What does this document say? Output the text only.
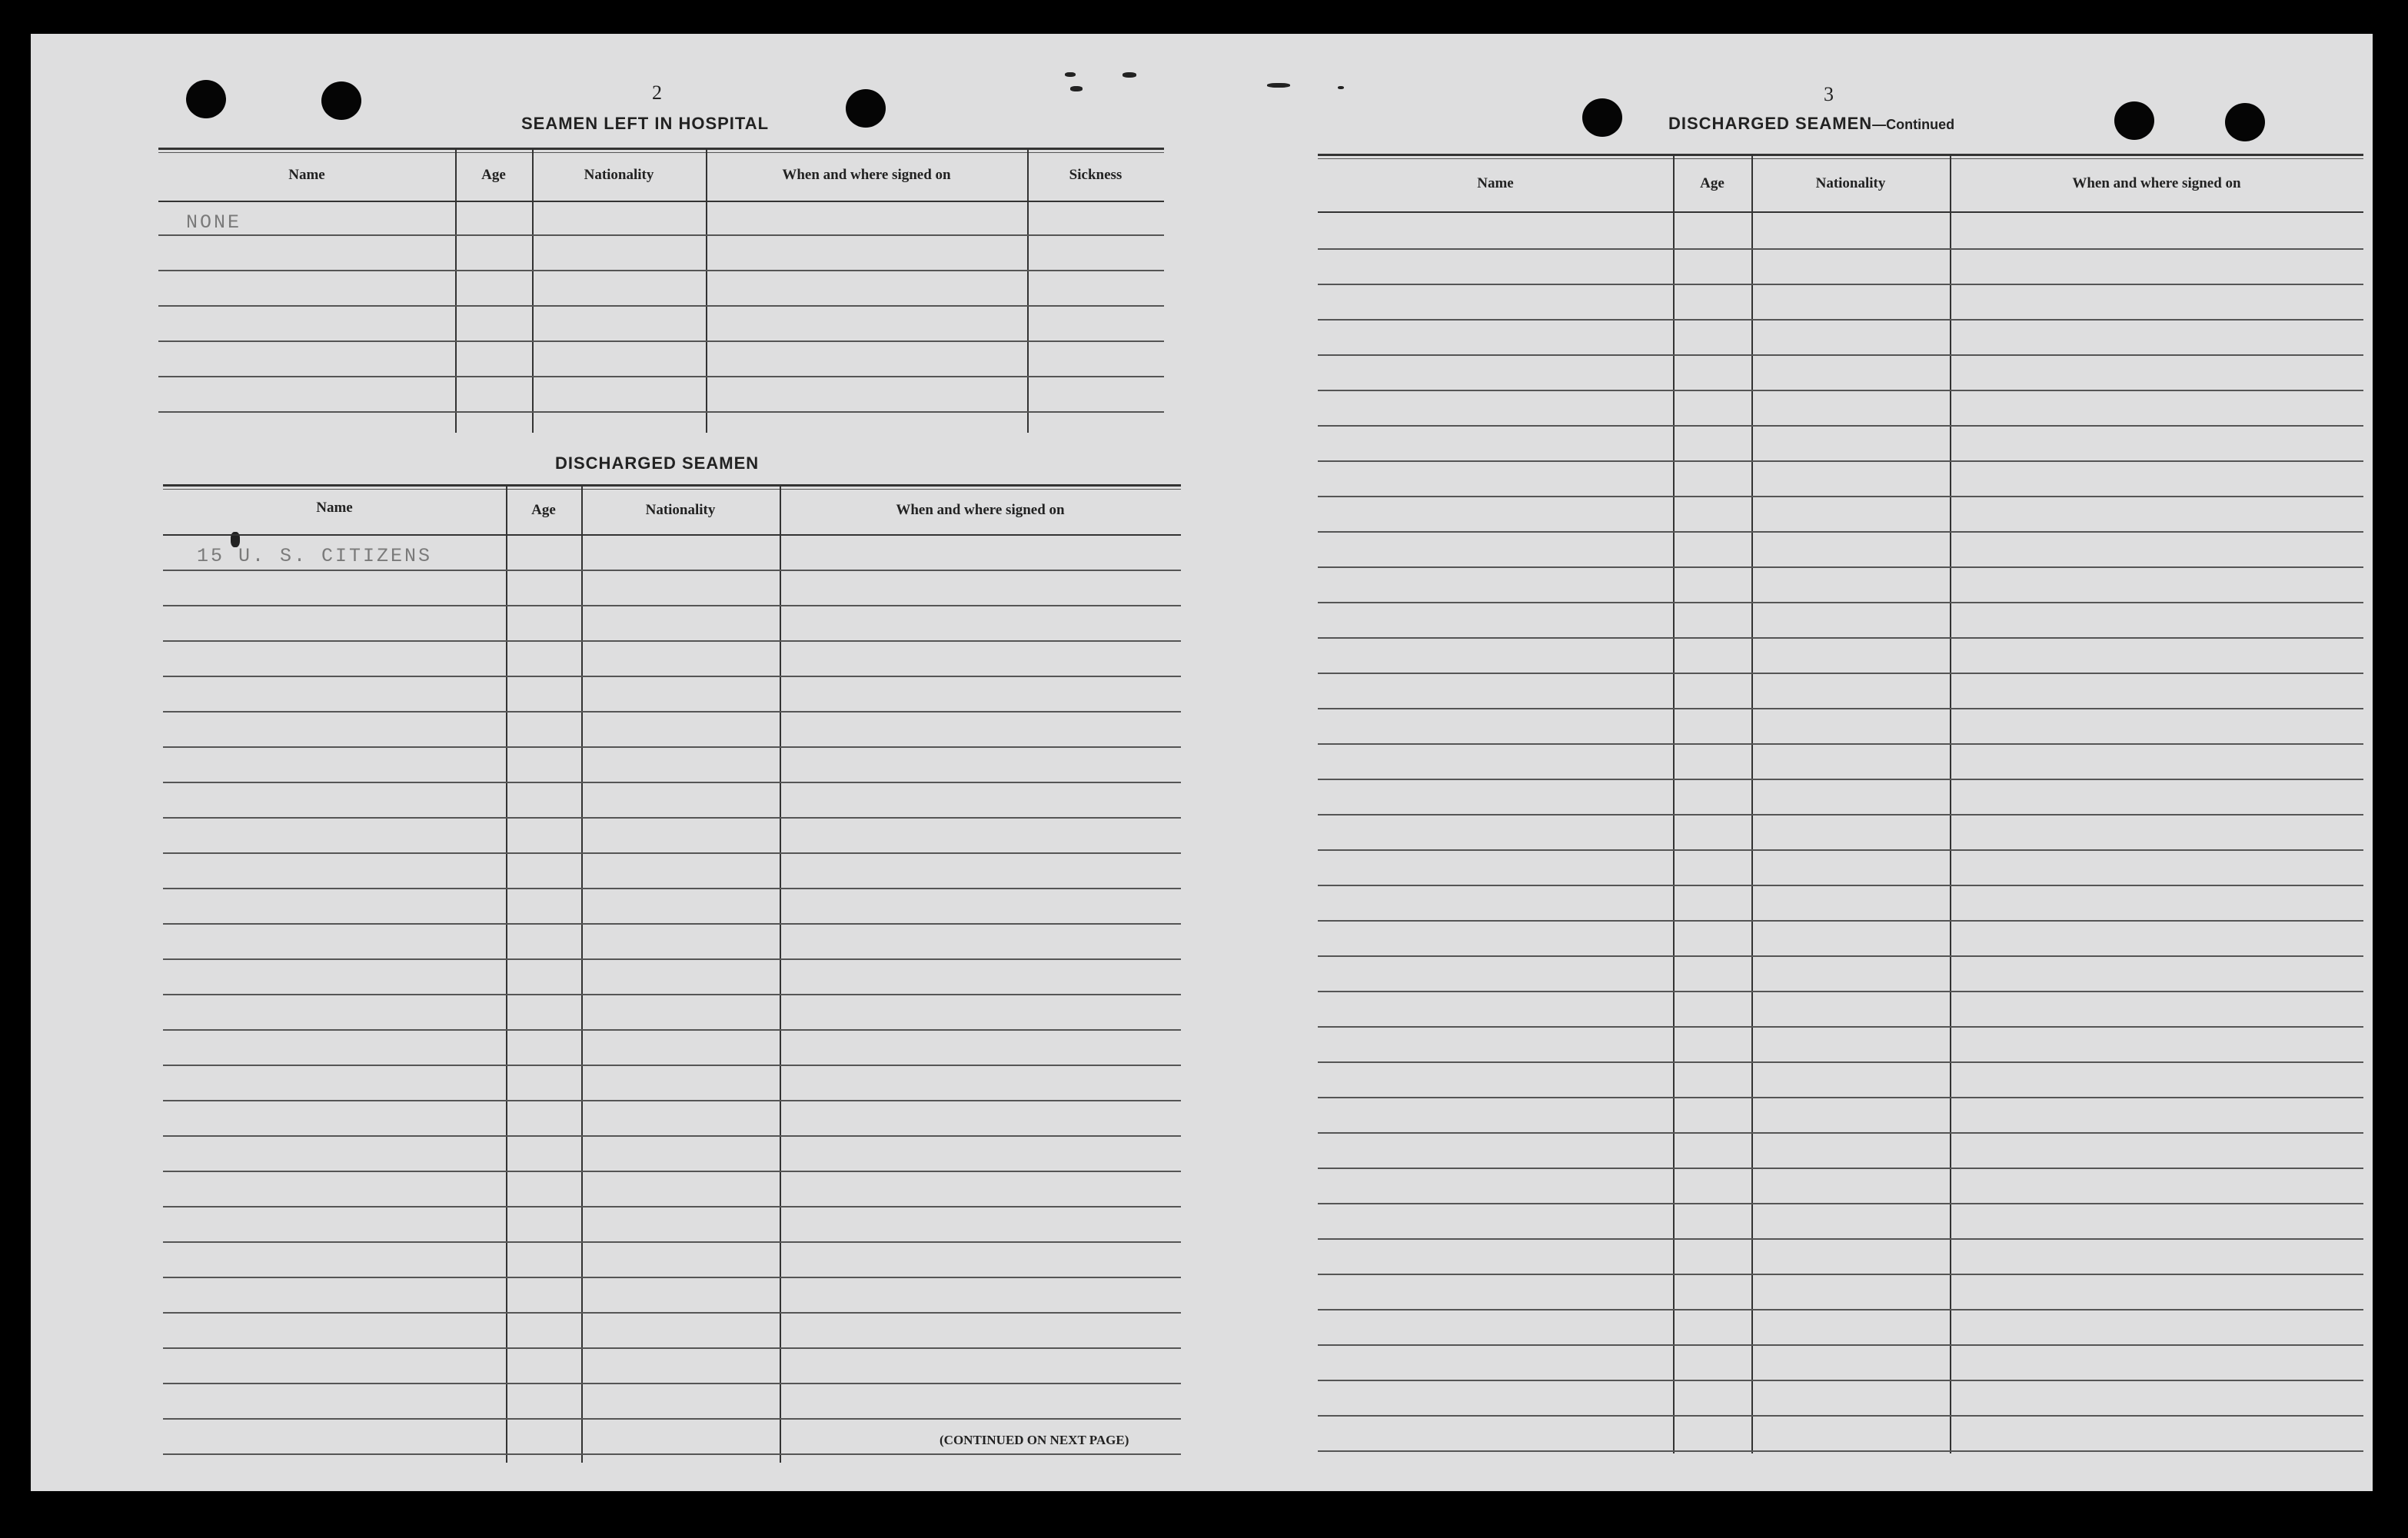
2
SEAMEN LEFT IN HOSPITAL
Name	Age	Nationality	When and where signed on	Sickness
NONE
DISCHARGED SEAMEN
Name	Age	Nationality	When and where signed on
15 U. S. CITIZENS
(CONTINUED ON NEXT PAGE)
3
DISCHARGED SEAMEN—Continued
Name	Age	Nationality	When and where signed on
